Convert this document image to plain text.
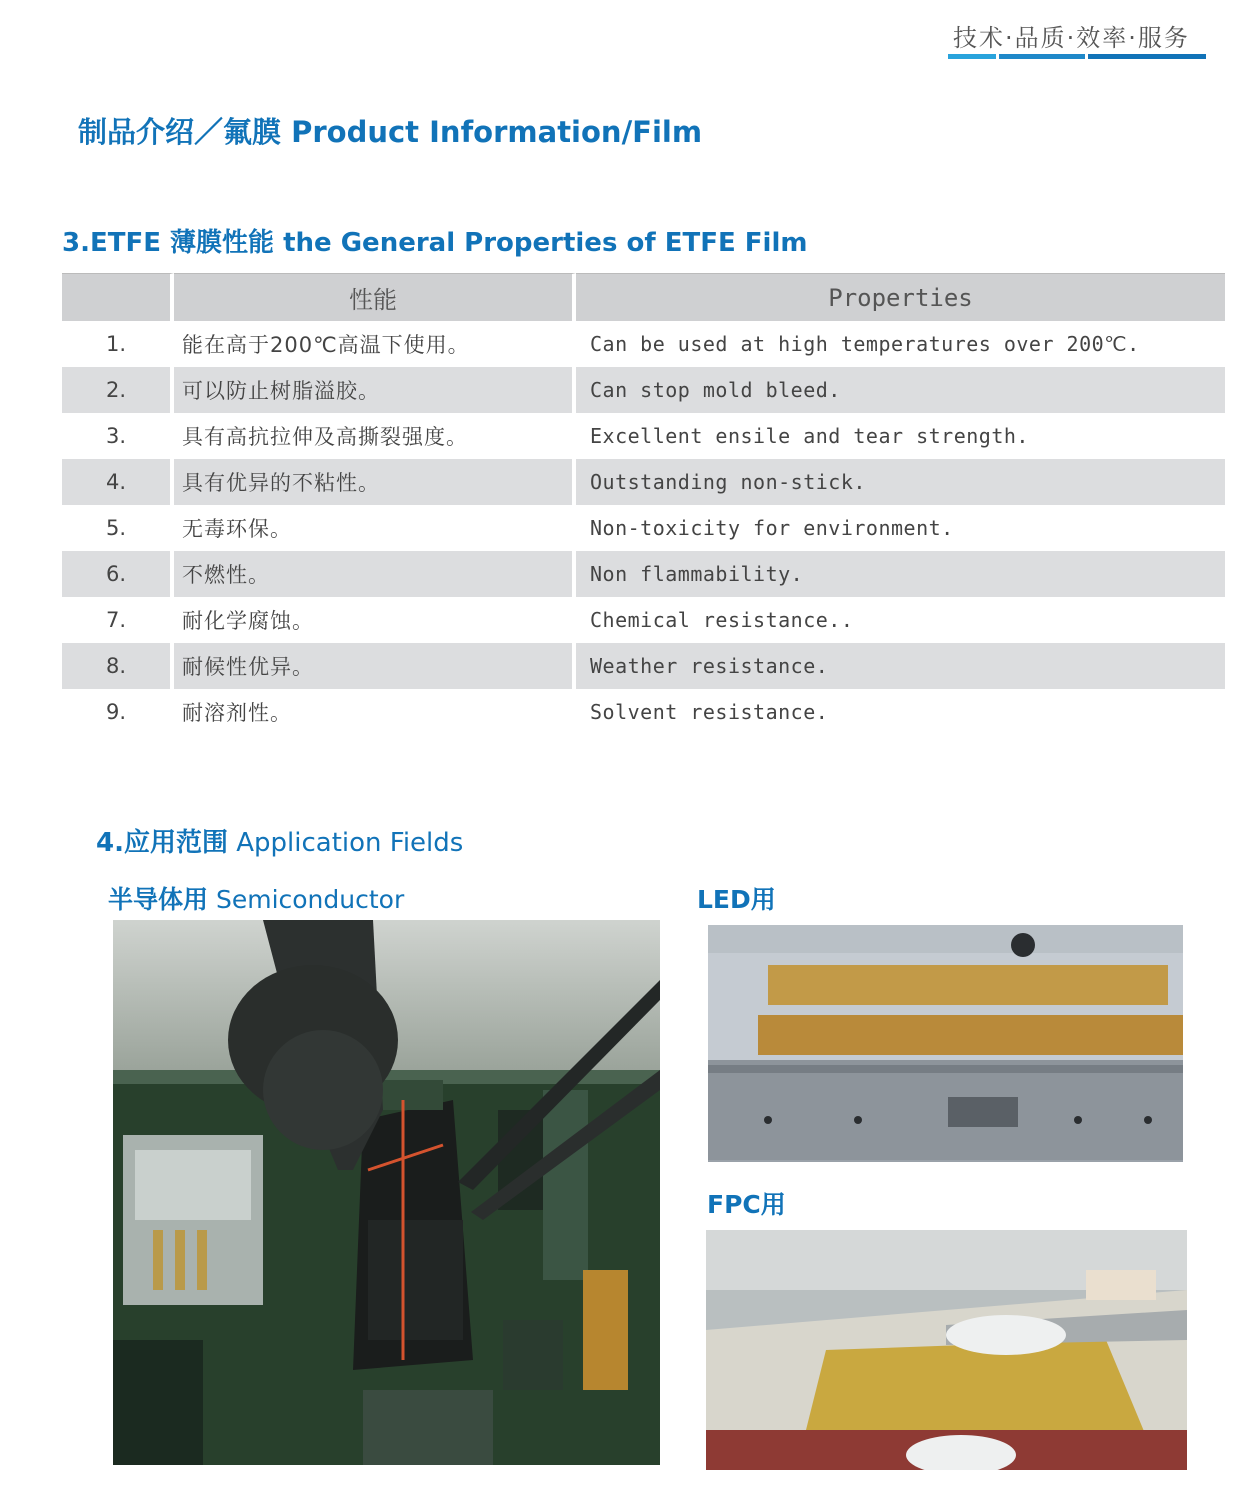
技术·品质·效率·服务
制品介绍／氟膜 Product Information/Film
3.ETFE 薄膜性能 the General Properties of ETFE Film
	性能	Properties
1.	能在高于200℃高温下使用。	Can be used at high temperatures over 200℃.
2.	可以防止树脂溢胶。	Can stop mold bleed.
3.	具有高抗拉伸及高撕裂强度。	Excellent ensile and tear strength.
4.	具有优异的不粘性。	Outstanding non-stick.
5.	无毒环保。	Non-toxicity for environment.
6.	不燃性。	Non flammability.
7.	耐化学腐蚀。	Chemical resistance..
8.	耐候性优异。	Weather resistance.
9.	耐溶剂性。	Solvent resistance.
4.应用范围 Application Fields
半导体用 Semiconductor	LED用
FPC用
